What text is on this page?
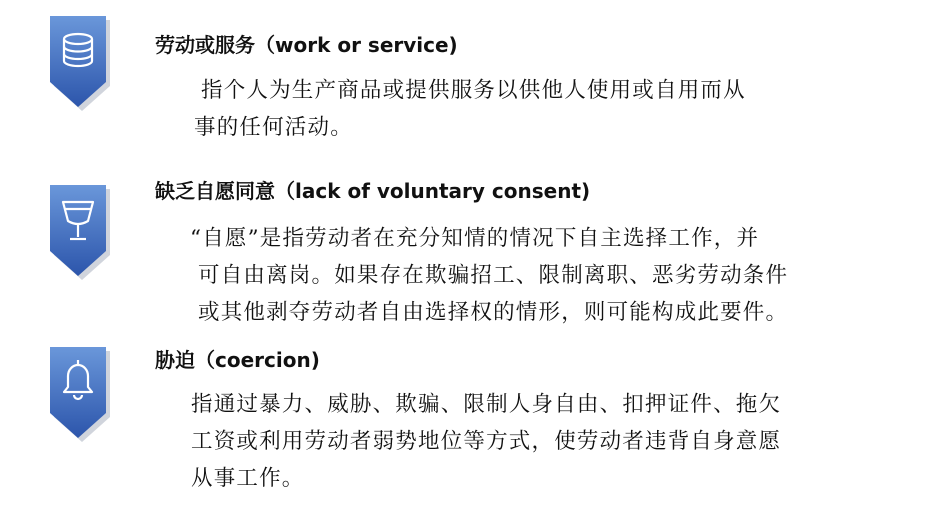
劳动或服务（work or service)
指个人为生产商品或提供服务以供他人使用或自用而从
事的任何活动。
缺乏自愿同意（lack of voluntary consent)
“自愿”是指劳动者在充分知情的情况下自主选择工作，并
可自由离岗。如果存在欺骗招工、限制离职、恶劣劳动条件
或其他剥夺劳动者自由选择权的情形，则可能构成此要件。
胁迫（coercion)
指通过暴力、威胁、欺骗、限制人身自由、扣押证件、拖欠
工资或利用劳动者弱势地位等方式，使劳动者违背自身意愿
从事工作。
